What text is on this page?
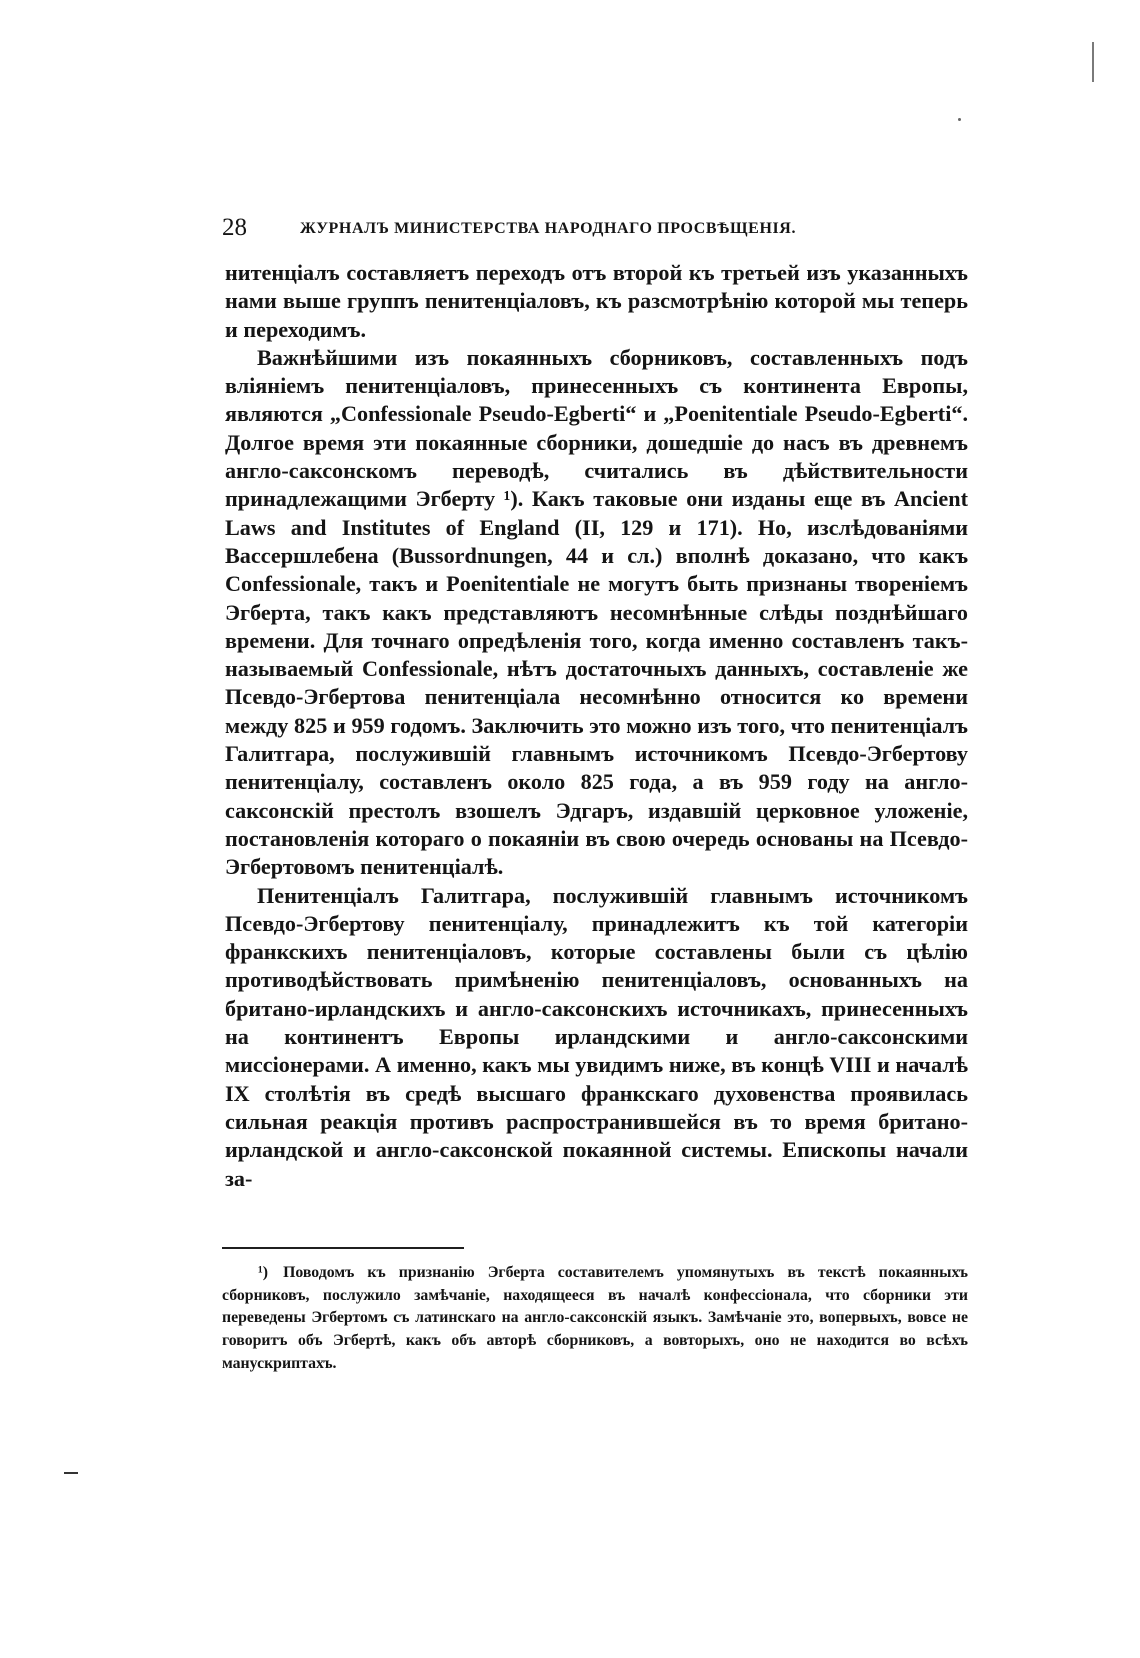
28	ЖУРНАЛЪ МИНИСТЕРСТВА НАРОДНАГО ПРОСВѢЩЕНІЯ.

нитенціалъ составляетъ переходъ отъ второй къ третьей изъ указанныхъ нами выше группъ пенитенціаловъ, къ разсмотрѣнію которой мы теперь и переходимъ.

Важнѣйшими изъ покаянныхъ сборниковъ, составленныхъ подъ вліяніемъ пенитенціаловъ, принесенныхъ съ континента Европы, являются „Confessionale Pseudo-Egberti“ и „Poenitentiale Pseudo-Egberti“. Долгое время эти покаянные сборники, дошедшіе до насъ въ древнемъ англо-саксонскомъ переводѣ, считались въ дѣйствительности принадлежащими Эгберту ¹). Какъ таковые они изданы еще въ Ancient Laws and Institutes of England (II, 129 и 171). Но, изслѣдованіями Вассершлебена (Bussordnungen, 44 и сл.) вполнѣ доказано, что какъ Confessionale, такъ и Poenitentiale не могутъ быть признаны твореніемъ Эгберта, такъ какъ представляютъ несомнѣнные слѣды позднѣйшаго времени. Для точнаго опредѣленія того, когда именно составленъ такъ-называемый Confessionale, нѣтъ достаточныхъ данныхъ, составленіе же Псевдо-Эгбертова пенитенціала несомнѣнно относится ко времени между 825 и 959 годомъ. Заключить это можно изъ того, что пенитенціалъ Галитгара, послужившій главнымъ источникомъ Псевдо-Эгбертову пенитенціалу, составленъ около 825 года, а въ 959 году на англо-саксонскій престолъ взошелъ Эдгаръ, издавшій церковное уложеніе, постановленія котораго о покаяніи въ свою очередь основаны на Псевдо-Эгбертовомъ пенитенціалѣ.

Пенитенціалъ Галитгара, послужившій главнымъ источникомъ Псевдо-Эгбертову пенитенціалу, принадлежитъ къ той категоріи франкскихъ пенитенціаловъ, которые составлены были съ цѣлію противодѣйствовать примѣненію пенитенціаловъ, основанныхъ на британо-ирландскихъ и англо-саксонскихъ источникахъ, принесенныхъ на континентъ Европы ирландскими и англо-саксонскими миссіонерами. А именно, какъ мы увидимъ ниже, въ концѣ VIII и началѣ IX столѣтія въ средѣ высшаго франкскаго духовенства проявилась сильная реакція противъ распространившейся въ то время британо-ирландской и англо-саксонской покаянной системы. Епископы начали за-

¹) Поводомъ къ признанію Эгберта составителемъ упомянутыхъ въ текстѣ покаянныхъ сборниковъ, послужило замѣчаніе, находящееся въ началѣ конфессіонала, что сборники эти переведены Эгбертомъ съ латинскаго на англо-саксонскій языкъ. Замѣчаніе это, вопервыхъ, вовсе не говоритъ объ Эгбертѣ, какъ объ авторѣ сборниковъ, а вовторыхъ, оно не находится во всѣхъ манускриптахъ.
